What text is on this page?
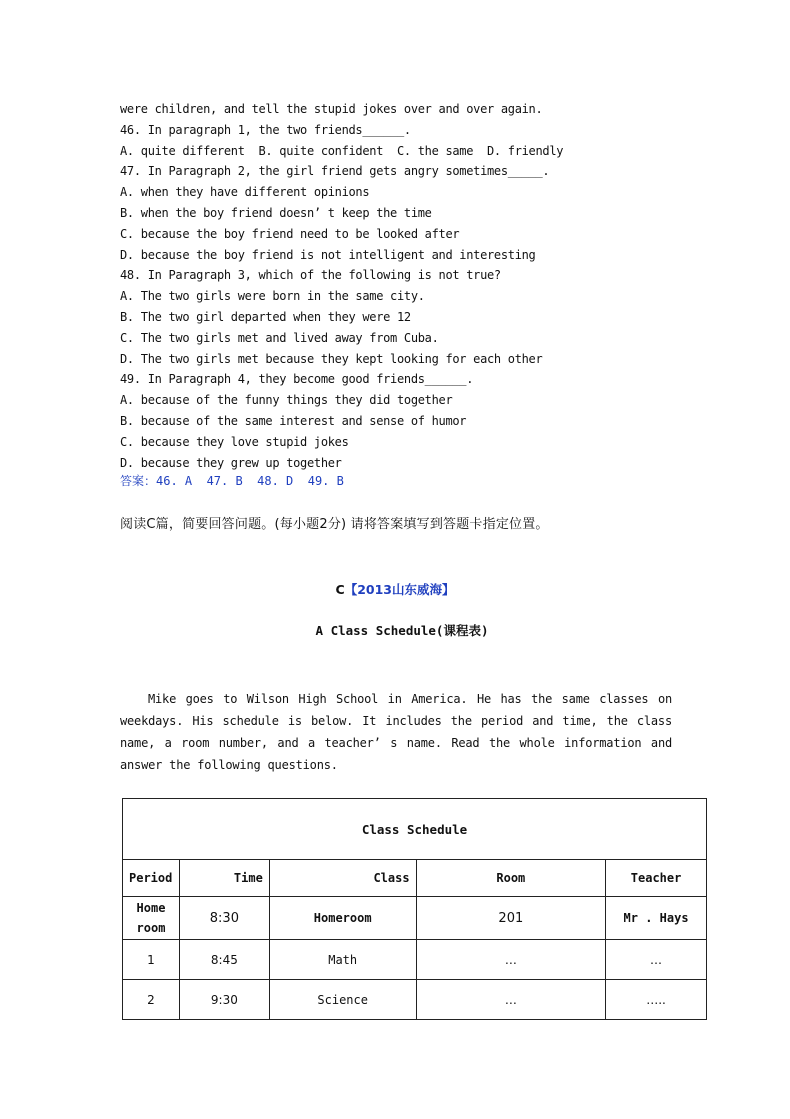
were children, and tell the stupid jokes over and over again.
46. In paragraph 1, the two friends______.
A. quite different  B. quite confident  C. the same  D. friendly
47. In Paragraph 2, the girl friend gets angry sometimes_____.
A. when they have different opinions
B. when the boy friend doesn’ t keep the time
C. because the boy friend need to be looked after
D. because the boy friend is not intelligent and interesting
48. In Paragraph 3, which of the following is not true?
A. The two girls were born in the same city.
B. The two girl departed when they were 12
C. The two girls met and lived away from Cuba.
D. The two girls met because they kept looking for each other
49. In Paragraph 4, they become good friends______.
A. because of the funny things they did together
B. because of the same interest and sense of humor
C. because they love stupid jokes
D. because they grew up together
答案：46. A  47. B  48. D  49. B
阅读C篇，简要回答问题。(每小题2分) 请将答案填写到答题卡指定位置。
C【2013山东威海】
A Class Schedule(课程表)
Mike goes to Wilson High School in America. He has the same classes on weekdays. His schedule is below. It includes the period and time, the class name, a room number, and a teacher’ s name. Read the whole information and answer the following questions.
Class Schedule				
Period	Time	Class	Room	Teacher
Home
room	8:30	Homeroom	201	Mr . Hays
1	8:45	Math	…	…
2	9:30	Science	…	…..
